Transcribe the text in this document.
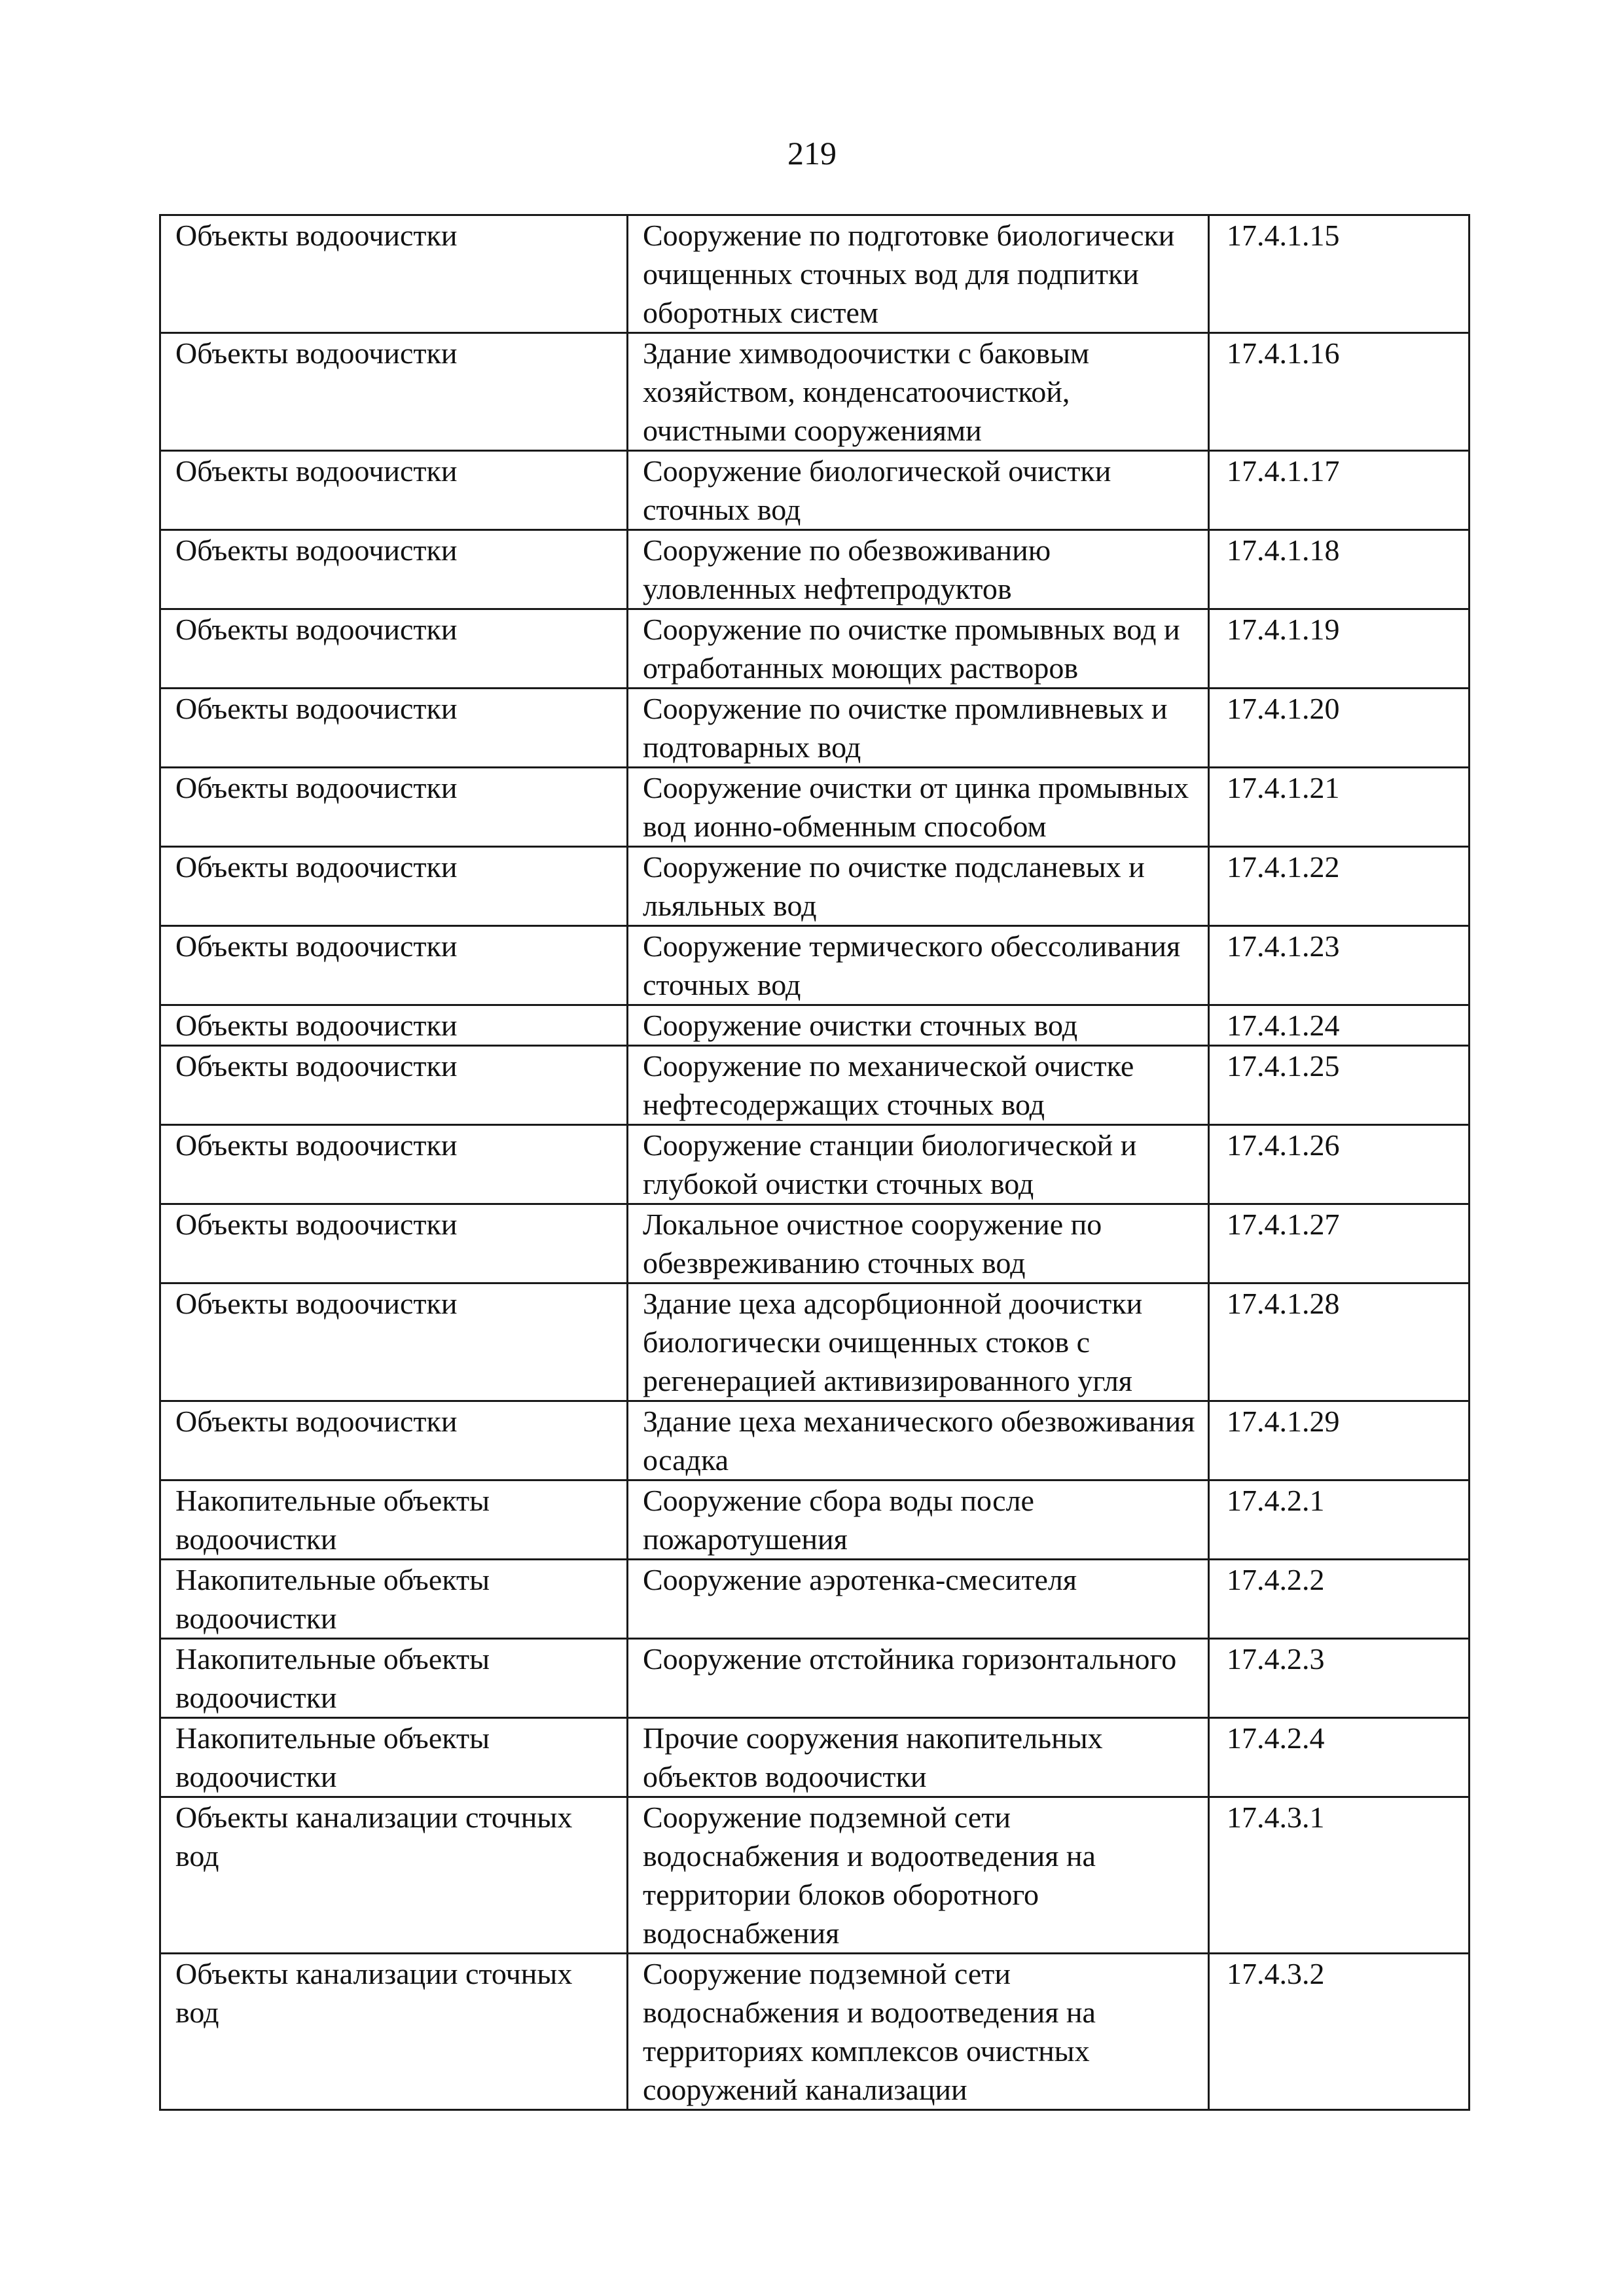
219
Объекты водоочистки	Сооружение по подготовке биологически очищенных сточных вод для подпитки оборотных систем	17.4.1.15
Объекты водоочистки	Здание химводоочистки с баковым хозяйством, конденсатоочисткой, очистными сооружениями	17.4.1.16
Объекты водоочистки	Сооружение биологической очистки сточных вод	17.4.1.17
Объекты водоочистки	Сооружение по обезвоживанию уловленных нефтепродуктов	17.4.1.18
Объекты водоочистки	Сооружение по очистке промывных вод и отработанных моющих растворов	17.4.1.19
Объекты водоочистки	Сооружение по очистке промливневых и подтоварных вод	17.4.1.20
Объекты водоочистки	Сооружение очистки от цинка промывных вод ионно-обменным способом	17.4.1.21
Объекты водоочистки	Сооружение по очистке подсланевых и льяльных вод	17.4.1.22
Объекты водоочистки	Сооружение термического обессоливания сточных вод	17.4.1.23
Объекты водоочистки	Сооружение очистки сточных вод	17.4.1.24
Объекты водоочистки	Сооружение по механической очистке нефтесодержащих сточных вод	17.4.1.25
Объекты водоочистки	Сооружение станции биологической и глубокой очистки сточных вод	17.4.1.26
Объекты водоочистки	Локальное очистное сооружение по обезвреживанию сточных вод	17.4.1.27
Объекты водоочистки	Здание цеха адсорбционной доочистки биологически очищенных стоков с регенерацией активизированного угля	17.4.1.28
Объекты водоочистки	Здание цеха механического обезвоживания осадка	17.4.1.29
Накопительные объекты водоочистки	Сооружение сбора воды после пожаротушения	17.4.2.1
Накопительные объекты водоочистки	Сооружение аэротенка-смесителя	17.4.2.2
Накопительные объекты водоочистки	Сооружение отстойника горизонтального	17.4.2.3
Накопительные объекты водоочистки	Прочие сооружения накопительных объектов водоочистки	17.4.2.4
Объекты канализации сточных вод	Сооружение подземной сети водоснабжения и водоотведения на территории блоков оборотного водоснабжения	17.4.3.1
Объекты канализации сточных вод	Сооружение подземной сети водоснабжения и водоотведения на территориях комплексов очистных сооружений канализации	17.4.3.2
